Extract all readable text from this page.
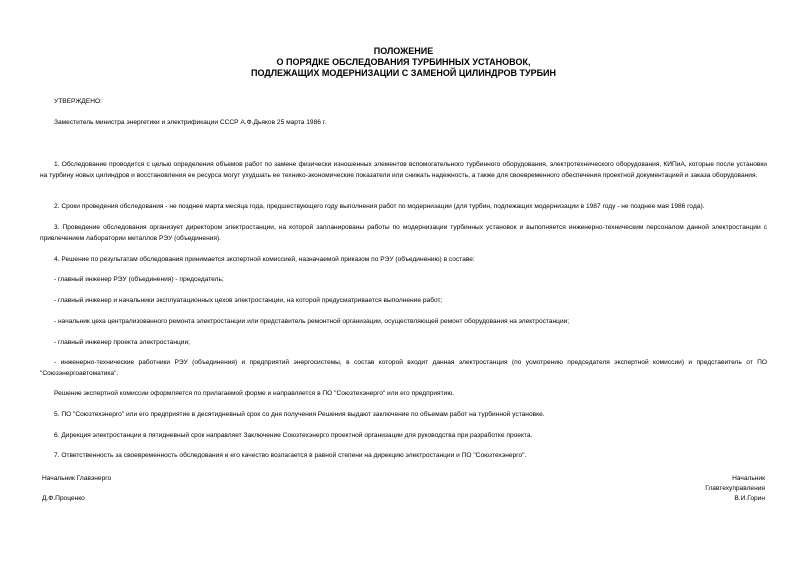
ПОЛОЖЕНИЕ
О ПОРЯДКЕ ОБСЛЕДОВАНИЯ ТУРБИННЫХ УСТАНОВОК,
ПОДЛЕЖАЩИХ МОДЕРНИЗАЦИИ С ЗАМЕНОЙ ЦИЛИНДРОВ ТУРБИН
УТВЕРЖДЕНО:
Заместитель министра энергетики и электрификации СССР А.Ф.Дьяков 25 марта 1986 г.
1. Обследование проводится с целью определения объемов работ по замене физически изношенных элементов вспомогательного турбинного оборудования, электротехнического оборудования, КИПиА, которые после установки на турбину новых цилиндров и восстановления ее ресурса могут ухудшать ее технико-экономические показатели или снижать надежность, а также для своевременного обеспечения проектной документацией и заказа оборудования.
2. Сроки проведения обследования - не позднее марта месяца года, предшествующего году выполнения работ по модернизации (для турбин, подлежащих модернизации в 1987 году - не позднее мая 1986 года).
3. Проведение обследования организует директором электростанции, на которой запланированы работы по модернизации турбинных установок и выполняется инженерно-техническим персоналом данной электростанции с привлечением лаборатории металлов РЭУ (объединения).
4. Решение по результатам обследования принимается экспертной комиссией, назначаемой приказом по РЭУ (объединению) в составе:
- главный инженер РЭУ (объединения) - председатель;
- главный инженер и начальники эксплуатационных цехов электростанции, на которой предусматривается выполнение работ;
- начальник цеха централизованного ремонта электростанции или представитель ремонтной организации, осуществляющей ремонт оборудования на электростанции;
- главный инженер проекта электростанции;
- инженерно-технические работники РЭУ (объединения) и предприятий энергосистемы, в состав которой входит данная электростанция (по усмотрению председателя экспертной комиссии) и представитель от ПО "Союзэнергоавтоматика".
Решение экспертной комиссии оформляется по прилагаемой форме и направляется в ПО "Союзтехэнерго" или его предприятию.
5. ПО "Союзтехэнерго" или его предприятие в десятидневный срок со дня получения Решения выдают заключение по объемам работ на турбинной установке.
6. Дирекция электростанции в пятидневный срок направляет Заключение Союзтехэнерго проектной организации для руководства при разработке проекта.
7. Ответственность за своевременность обследования и его качество возлагается в равной степени на дирекцию электростанции и ПО "Союзтехэнерго".
Начальник Главэнерго
Д.Ф.Проценко
Начальник
Главтехуправления
В.И.Горин
